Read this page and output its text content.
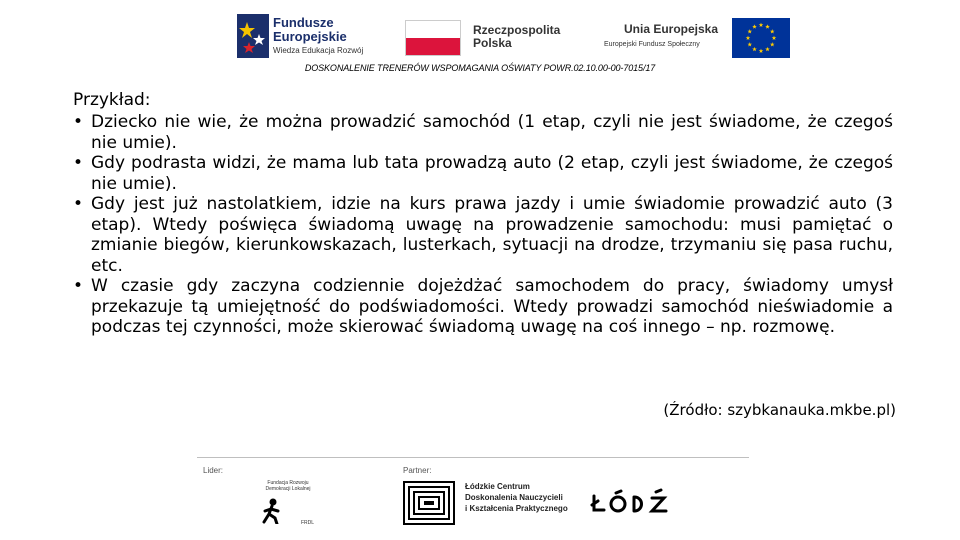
Fundusze Europejskie
Wiedza Edukacja Rozwój
Rzeczpospolita
Polska
Unia Europejska
Europejski Fundusz Społeczny
DOSKONALENIE TRENERÓW WSPOMAGANIA OŚWIATY POWR.02.10.00-00-7015/17
Przykład:
• Dziecko nie wie, że można prowadzić samochód (1 etap, czyli nie jest świadome, że czegoś nie umie).
• Gdy podrasta widzi, że mama lub tata prowadzą auto (2 etap, czyli jest świadome, że czegoś nie umie).
• Gdy jest już nastolatkiem, idzie na kurs prawa jazdy i umie świadomie prowadzić auto (3 etap). Wtedy poświęca świadomą uwagę na prowadzenie samochodu: musi pamiętać o zmianie biegów, kierunkowskazach, lusterkach, sytuacji na drodze, trzymaniu się pasa ruchu, etc.
• W czasie gdy zaczyna codziennie dojeżdżać samochodem do pracy, świadomy umysł przekazuje tą umiejętność do podświadomości. Wtedy prowadzi samochód nieświadomie a podczas tej czynności, może skierować świadomą uwagę na coś innego – np. rozmowę.
(Źródło: szybkanauka.mkbe.pl)
Lider:	Partner:
Fundacja Rozwoju Demokracji Lokalnej
FRDL
Łódzkie Centrum
Doskonalenia Nauczycieli
i Kształcenia Praktycznego
